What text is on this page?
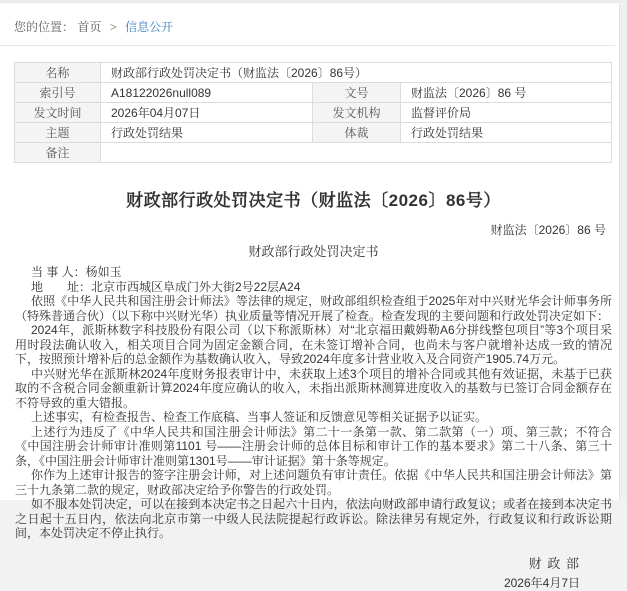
您的位置： 首页 > 信息公开
名称	财政部行政处罚决定书（财监法〔2026〕86号）		
索引号	A18122026null089	文号	财监法〔2026〕86 号
发文时间	2026年04月07日	发文机构	监督评价局
主题	行政处罚结果	体裁	行政处罚结果
备注			
财政部行政处罚决定书（财监法〔2026〕86号）
财监法〔2026〕86 号
财政部行政处罚决定书

当 事 人：杨如玉

地　　址：北京市西城区阜成门外大街2号22层A24

依照《中华人民共和国注册会计师法》等法律的规定，财政部组织检查组于2025年对中兴财光华会计师事务所（特殊普通合伙）（以下称中兴财光华）执业质量等情况开展了检查。检查发现的主要问题和行政处罚决定如下：

2024年，派斯林数字科技股份有限公司（以下称派斯林）对“北京福田戴姆勒A6分拼线整包项目”等3个项目采用时段法确认收入，相关项目合同为固定金额合同，在未签订增补合同，也尚未与客户就增补达成一致的情况下，按照预计增补后的总金额作为基数确认收入，导致2024年度多计营业收入及合同资产1905.74万元。

中兴财光华在派斯林2024年度财务报表审计中，未获取上述3个项目的增补合同或其他有效证据，未基于已获取的不含税合同金额重新计算2024年度应确认的收入，未指出派斯林测算进度收入的基数与已签订合同金额存在不符导致的重大错报。

上述事实，有检查报告、检查工作底稿、当事人签证和反馈意见等相关证据予以证实。

上述行为违反了《中华人民共和国注册会计师法》第二十一条第一款、第二款第（一）项、第三款；不符合《中国注册会计师审计准则第1101 号——注册会计师的总体目标和审计工作的基本要求》第二十八条、第三十条，《中国注册会计师审计准则第1301号——审计证据》第十条等规定。

你作为上述审计报告的签字注册会计师，对上述问题负有审计责任。依据《中华人民共和国注册会计师法》第三十九条第二款的规定，财政部决定给予你警告的行政处罚。

如不服本处罚决定，可以在接到本决定书之日起六十日内，依法向财政部申请行政复议；或者在接到本决定书之日起十五日内，依法向北京市第一中级人民法院提起行政诉讼。除法律另有规定外，行政复议和行政诉讼期间，本处罚决定不停止执行。

财 政 部
2026年4月7日
